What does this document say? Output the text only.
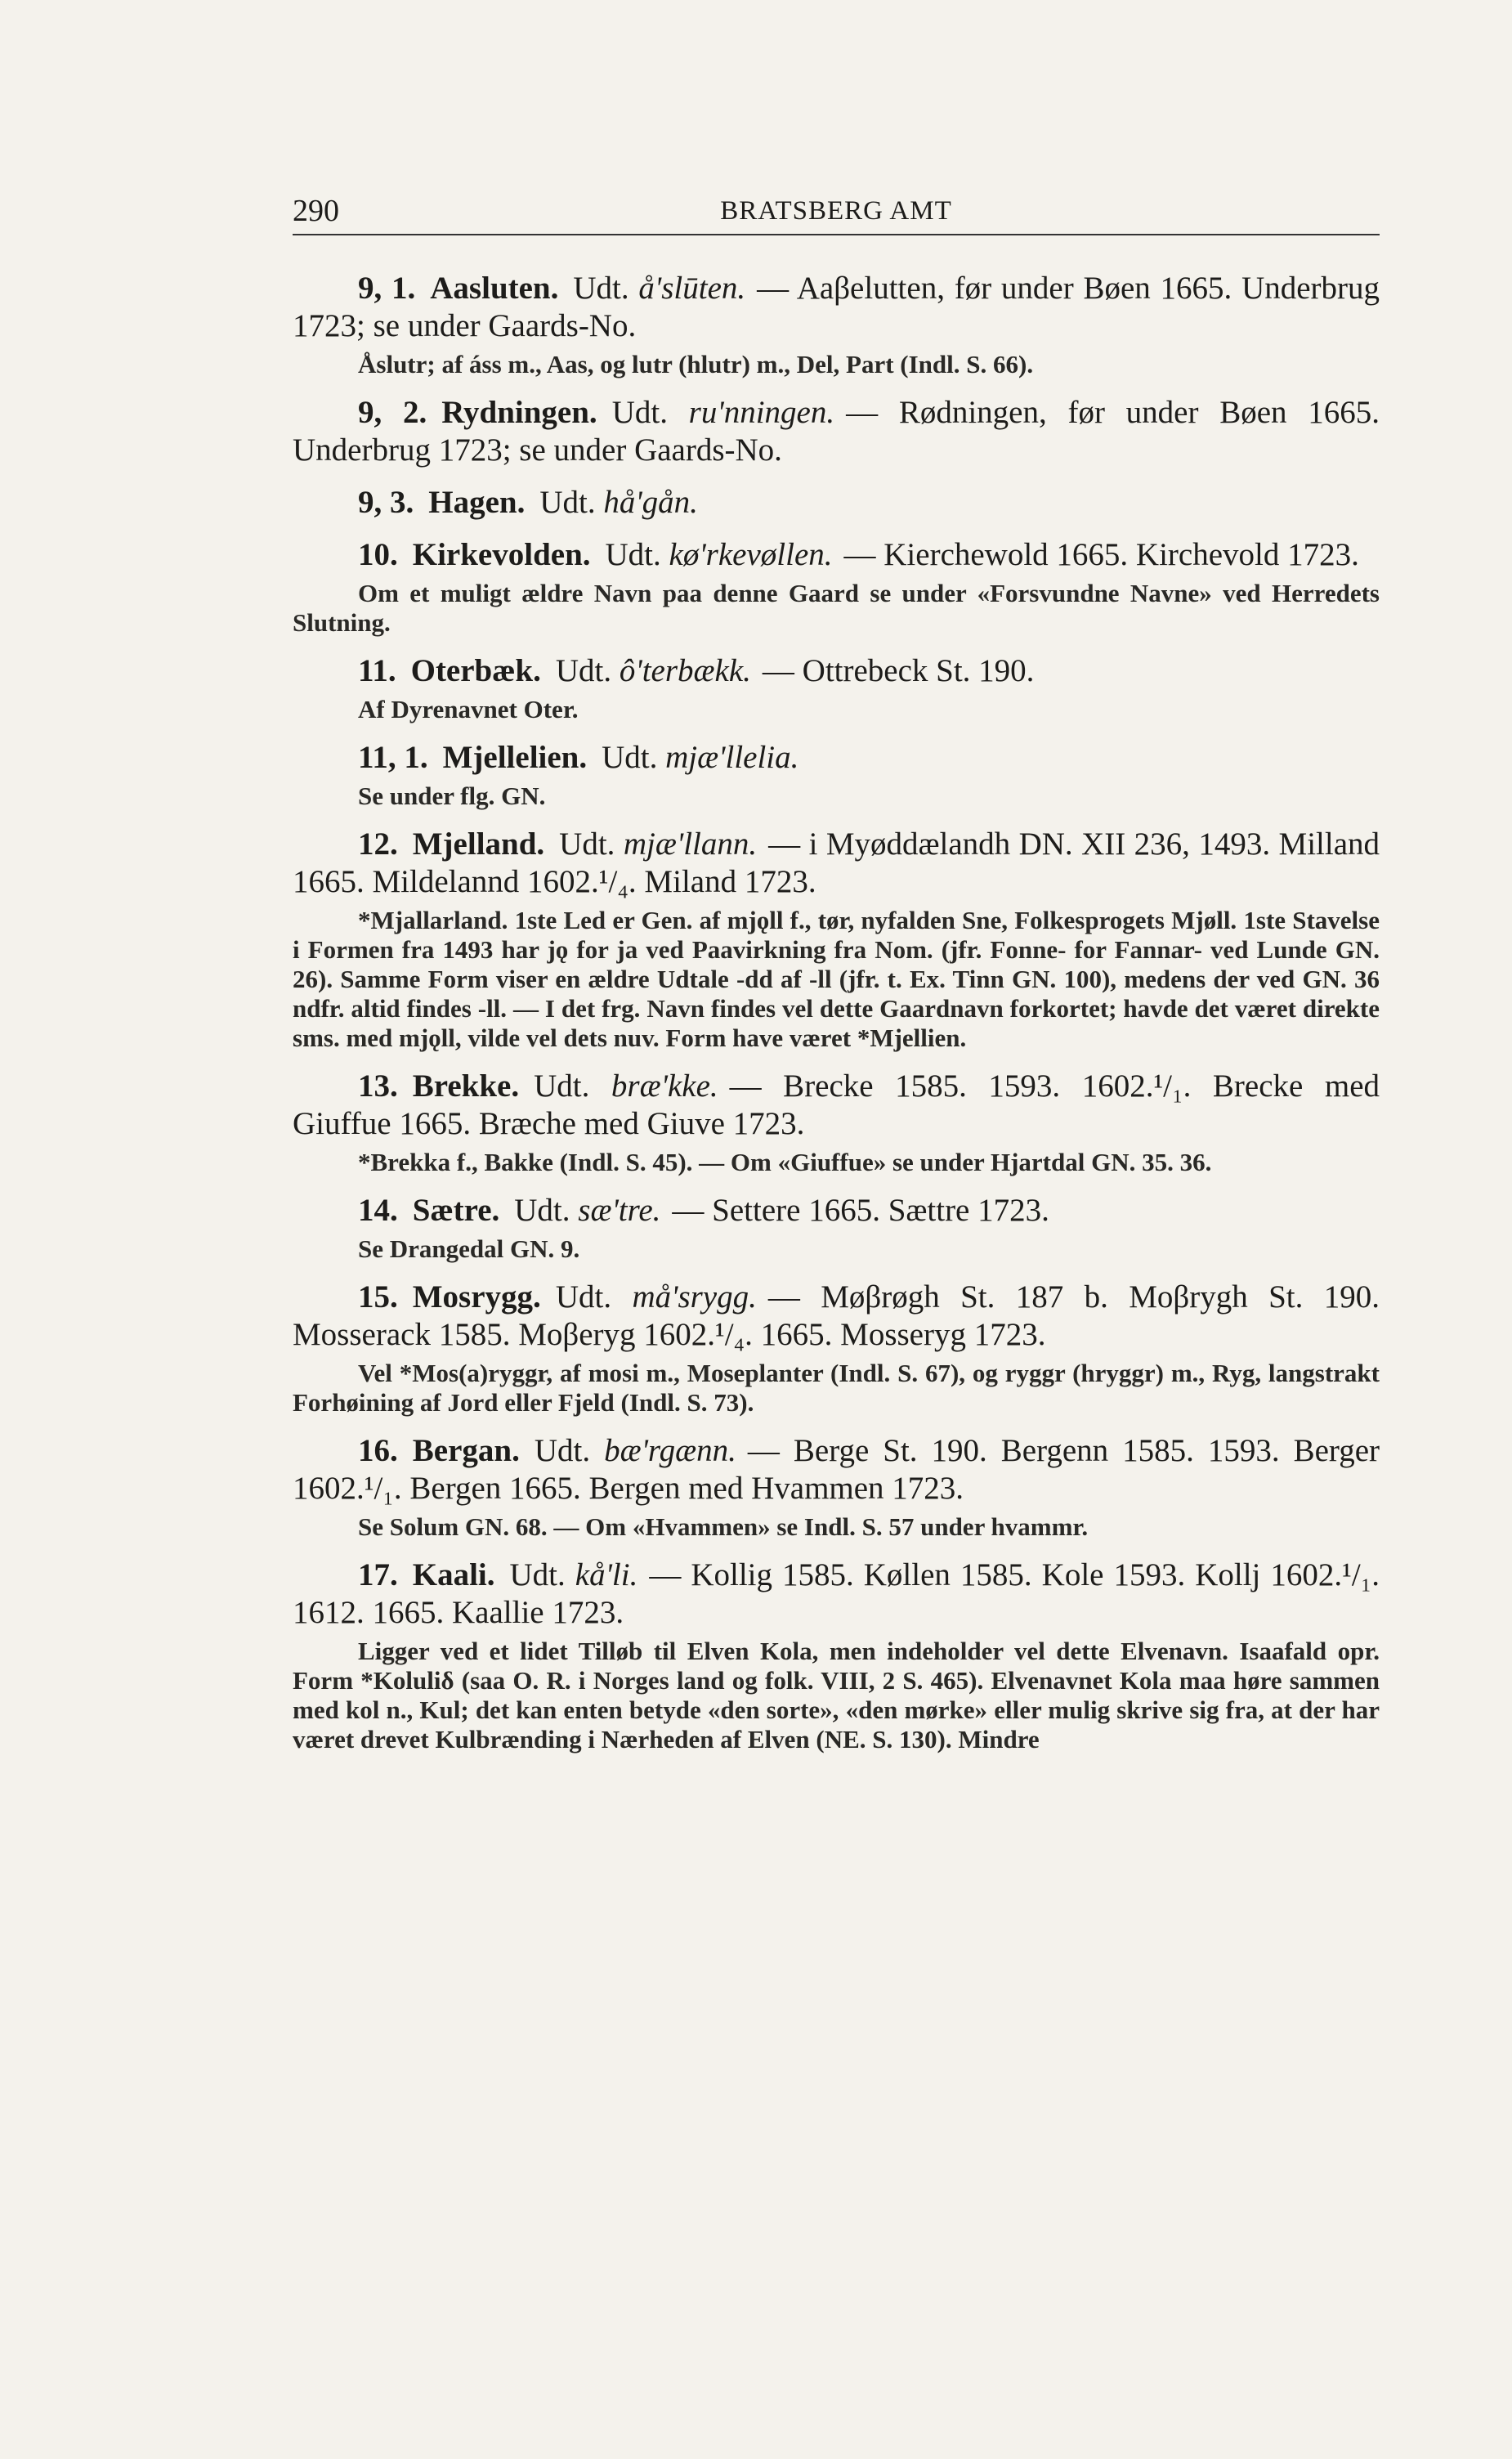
290	BRATSBERG AMT

9, 1. Aasluten. Udt. å'slūten. — Aaβelutten, før under Bøen 1665. Underbrug 1723; se under Gaards-No.

Åslutr; af áss m., Aas, og lutr (hlutr) m., Del, Part (Indl. S. 66).

9, 2. Rydningen. Udt. ru'nningen. — Rødningen, før under Bøen 1665. Underbrug 1723; se under Gaards-No.

9, 3. Hagen. Udt. hå'gån.

10. Kirkevolden. Udt. kø'rkevøllen. — Kierchewold 1665. Kirchevold 1723.

Om et muligt ældre Navn paa denne Gaard se under «Forsvundne Navne» ved Herredets Slutning.

11. Oterbæk. Udt. ô'terbækk. — Ottrebeck St. 190.

Af Dyrenavnet Oter.

11, 1. Mjellelien. Udt. mjæ'llelia.

Se under flg. GN.

12. Mjelland. Udt. mjæ'llann. — i Myøddælandh DN. XII 236, 1493. Milland 1665. Mildelannd 1602.¹/₄. Miland 1723.

*Mjallarland. 1ste Led er Gen. af mjǫll f., tør, nyfalden Sne, Folkesprogets Mjøll. 1ste Stavelse i Formen fra 1493 har jǫ for ja ved Paavirkning fra Nom. (jfr. Fonne- for Fannar- ved Lunde GN. 26). Samme Form viser en ældre Udtale -dd af -ll (jfr. t. Ex. Tinn GN. 100), medens der ved GN. 36 ndfr. altid findes -ll. — I det frg. Navn findes vel dette Gaardnavn forkortet; havde det været direkte sms. med mjǫll, vilde vel dets nuv. Form have været *Mjellien.

13. Brekke. Udt. bræ'kke. — Brecke 1585. 1593. 1602.¹/₁. Brecke med Giuffue 1665. Bræche med Giuve 1723.

*Brekka f., Bakke (Indl. S. 45). — Om «Giuffue» se under Hjartdal GN. 35. 36.

14. Sætre. Udt. sæ'tre. — Settere 1665. Sættre 1723.

Se Drangedal GN. 9.

15. Mosrygg. Udt. må'srygg. — Møβrøgh St. 187 b. Moβrygh St. 190. Mosserack 1585. Moβeryg 1602.¹/₄. 1665. Mosseryg 1723.

Vel *Mos(a)ryggr, af mosi m., Moseplanter (Indl. S. 67), og ryggr (hryggr) m., Ryg, langstrakt Forhøining af Jord eller Fjeld (Indl. S. 73).

16. Bergan. Udt. bæ'rgænn. — Berge St. 190. Bergenn 1585. 1593. Berger 1602.¹/₁. Bergen 1665. Bergen med Hvammen 1723.

Se Solum GN. 68. — Om «Hvammen» se Indl. S. 57 under hvammr.

17. Kaali. Udt. kå'li. — Kollig 1585. Køllen 1585. Kole 1593. Kollj 1602.¹/₁. 1612. 1665. Kaallie 1723.

Ligger ved et lidet Tilløb til Elven Kola, men indeholder vel dette Elvenavn. Isaafald opr. Form *Koluliδ (saa O. R. i Norges land og folk. VIII, 2 S. 465). Elvenavnet Kola maa høre sammen med kol n., Kul; det kan enten betyde «den sorte», «den mørke» eller mulig skrive sig fra, at der har været drevet Kulbrænding i Nærheden af Elven (NE. S. 130). Mindre
